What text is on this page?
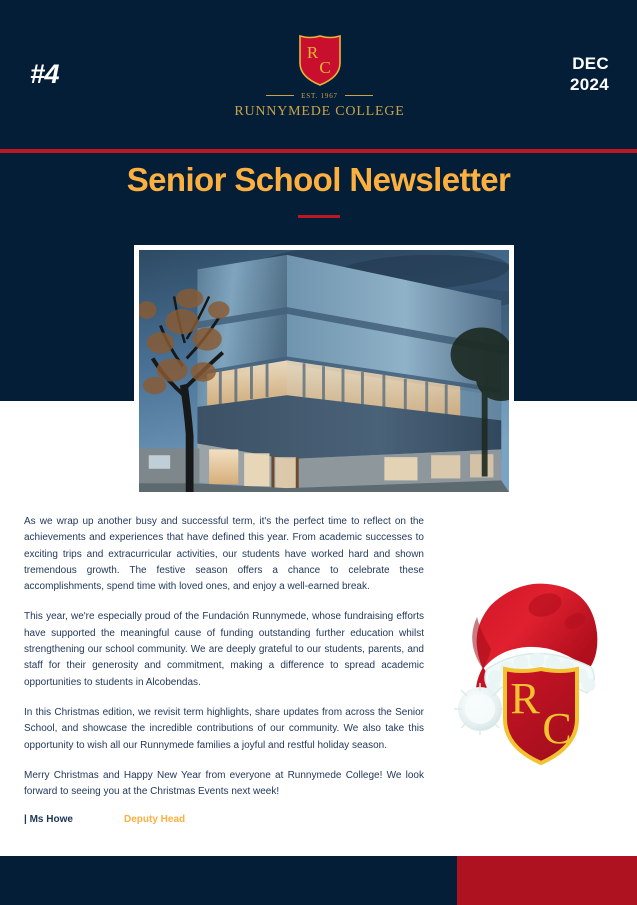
#4
R
C
EST. 1967
RUNNYMEDE COLLEGE
DEC
2024
Senior School Newsletter

As we wrap up another busy and successful term, it's the perfect time to reflect on the achievements and experiences that have defined this year. From academic successes to exciting trips and extracurricular activities, our students have worked hard and shown tremendous growth. The festive season offers a chance to celebrate these accomplishments, spend time with loved ones, and enjoy a well-earned break.

This year, we're especially proud of the Fundación Runnymede, whose fundraising efforts have supported the meaningful cause of funding outstanding further education whilst strengthening our school community. We are deeply grateful to our students, parents, and staff for their generosity and commitment, making a difference to spread academic opportunities to students in Alcobendas.

In this Christmas edition, we revisit term highlights, share updates from across the Senior School, and showcase the incredible contributions of our community. We also take this opportunity to wish all our Runnymede families a joyful and restful holiday season.

Merry Christmas and Happy New Year from everyone at Runnymede College! We look forward to seeing you at the Christmas Events next week!

| Ms Howe	Deputy Head
R
C
